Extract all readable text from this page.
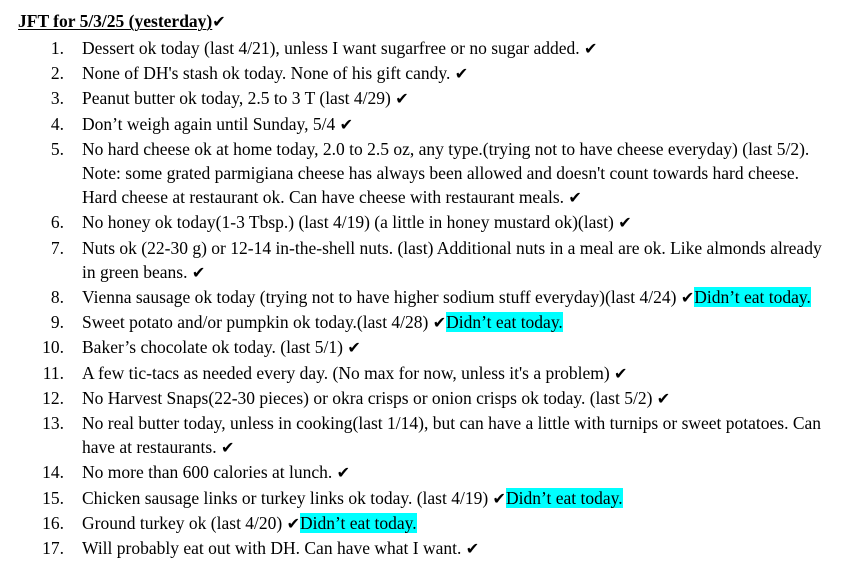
JFT for 5/3/25 (yesterday)✔
1. Dessert ok today (last 4/21), unless I want sugarfree or no sugar added. ✔
2. None of DH's stash ok today. None of his gift candy. ✔
3. Peanut butter ok today, 2.5 to 3 T (last 4/29) ✔
4. Don’t weigh again until Sunday, 5/4 ✔
5. No hard cheese ok at home today, 2.0 to 2.5 oz, any type.(trying not to have cheese everyday) (last 5/2). Note: some grated parmigiana cheese has always been allowed and doesn't count towards hard cheese. Hard cheese at restaurant ok. Can have cheese with restaurant meals. ✔
6. No honey ok today(1-3 Tbsp.) (last 4/19) (a little in honey mustard ok)(last) ✔
7. Nuts ok (22-30 g) or 12-14 in-the-shell nuts. (last) Additional nuts in a meal are ok. Like almonds already in green beans. ✔
8. Vienna sausage ok today (trying not to have higher sodium stuff everyday)(last 4/24) ✔Didn’t eat today.
9. Sweet potato and/or pumpkin ok today.(last 4/28) ✔Didn’t eat today.
10. Baker’s chocolate ok today. (last 5/1) ✔
11. A few tic-tacs as needed every day. (No max for now, unless it's a problem) ✔
12. No Harvest Snaps(22-30 pieces) or okra crisps or onion crisps ok today. (last 5/2) ✔
13. No real butter today, unless in cooking(last 1/14), but can have a little with turnips or sweet potatoes. Can have at restaurants. ✔
14. No more than 600 calories at lunch. ✔
15. Chicken sausage links or turkey links ok today. (last 4/19) ✔Didn’t eat today.
16. Ground turkey ok (last 4/20) ✔Didn’t eat today.
17. Will probably eat out with DH. Can have what I want. ✔
